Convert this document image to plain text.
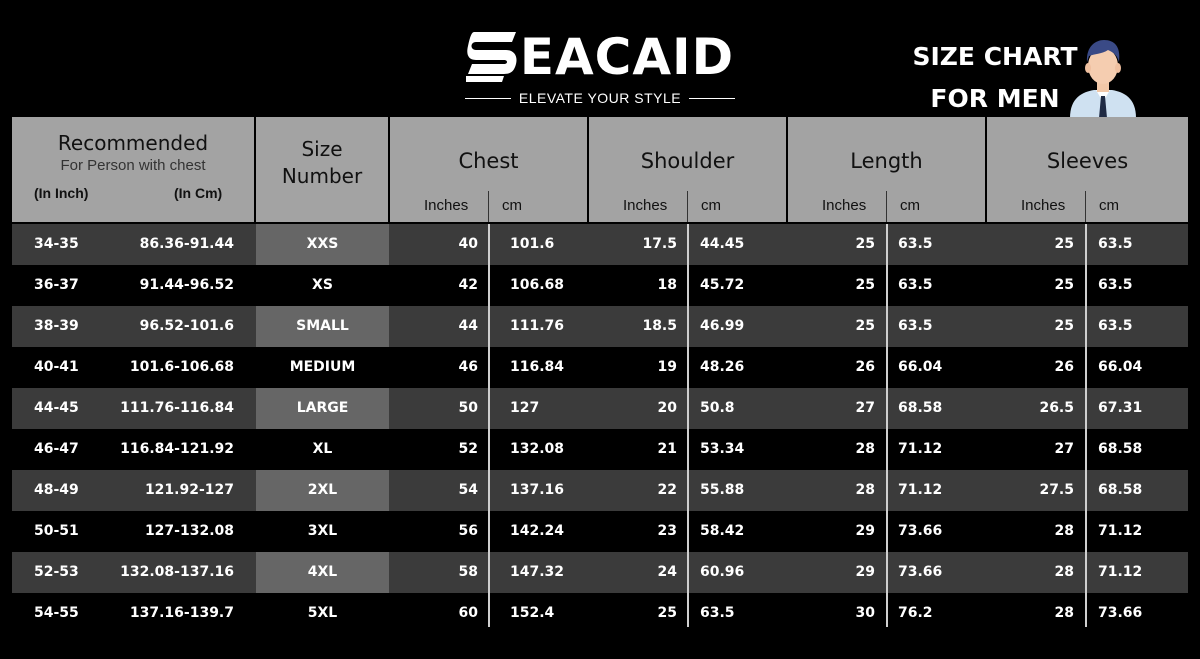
EACAID
ELEVATE YOUR STYLE
SIZE CHART
FOR MEN
Recommended
For Person with chest
(In Inch)	(In Cm)
Size
Number
Chest
Inches cm
Shoulder
Inches cm
Length
Inches cm
Sleeves
Inches cm
34-35	86.36-91.44	XXS	40 101.6	17.5 44.45	25 63.5	25 63.5
36-37	91.44-96.52	XS	42 106.68	18 45.72	25 63.5	25 63.5
38-39	96.52-101.6	SMALL	44 111.76	18.5 46.99	25 63.5	25 63.5
40-41	101.6-106.68	MEDIUM	46 116.84	19 48.26	26 66.04	26 66.04
44-45	111.76-116.84	LARGE	50 127	20 50.8	27 68.58	26.5 67.31
46-47	116.84-121.92	XL	52 132.08	21 53.34	28 71.12	27 68.58
48-49	121.92-127	2XL	54 137.16	22 55.88	28 71.12	27.5 68.58
50-51	127-132.08	3XL	56 142.24	23 58.42	29 73.66	28 71.12
52-53	132.08-137.16	4XL	58 147.32	24 60.96	29 73.66	28 71.12
54-55	137.16-139.7	5XL	60 152.4	25 63.5	30 76.2	28 73.66
